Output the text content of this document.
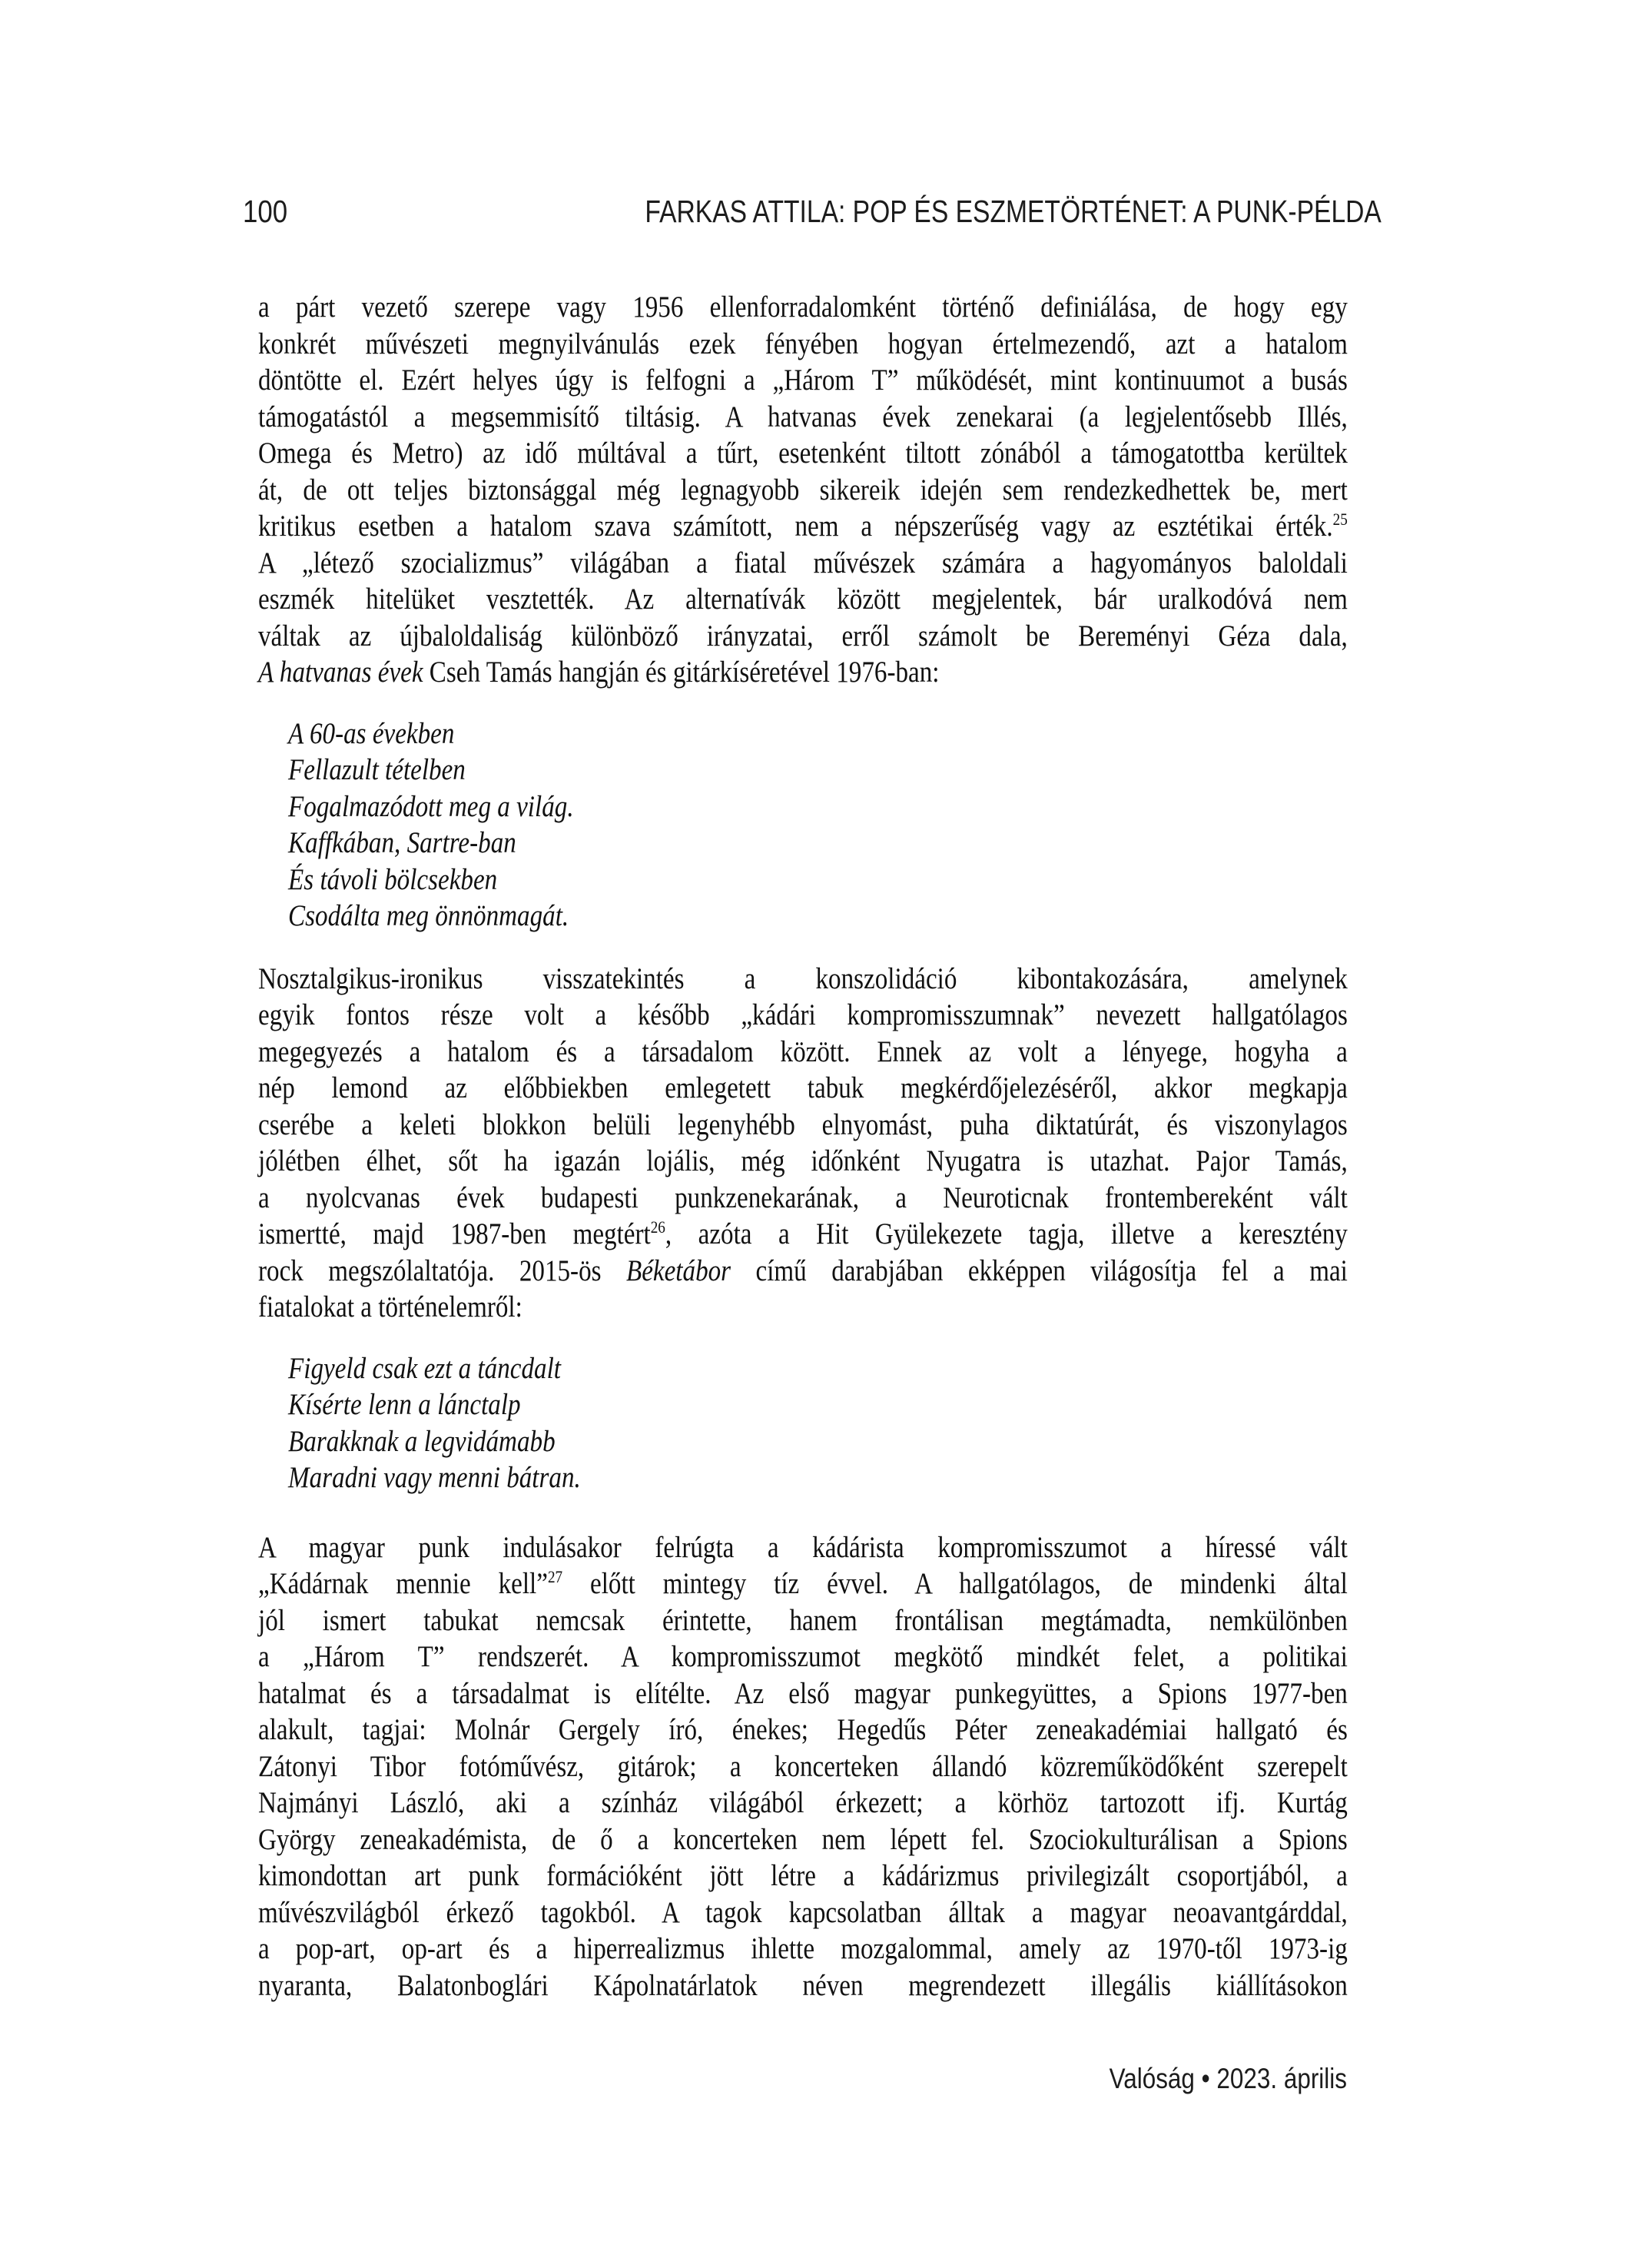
100	FARKAS ATTILA: POP ÉS ESZMETÖRTÉNET: A PUNK-PÉLDA
a párt vezető szerepe vagy 1956 ellenforradalomként történő definiálása, de hogy egy
konkrét művészeti megnyilvánulás ezek fényében hogyan értelmezendő, azt a hatalom
döntötte el. Ezért helyes úgy is felfogni a „Három T” működését, mint kontinuumot a busás
támogatástól a megsemmisítő tiltásig. A hatvanas évek zenekarai (a legjelentősebb Illés,
Omega és Metro) az idő múltával a tűrt, esetenként tiltott zónából a támogatottba kerültek
át, de ott teljes biztonsággal még legnagyobb sikereik idején sem rendezkedhettek be, mert
kritikus esetben a hatalom szava számított, nem a népszerűség vagy az esztétikai érték.$^{25}$
A „létező szocializmus” világában a fiatal művészek számára a hagyományos baloldali
eszmék hitelüket vesztették. Az alternatívák között megjelentek, bár uralkodóvá nem
váltak az újbaloldaliság különböző irányzatai, erről számolt be Bereményi Géza dala,
A hatvanas évek Cseh Tamás hangján és gitárkíséretével 1976-ban:
A 60-as években
Fellazult tételben
Fogalmazódott meg a világ.
Kaffkában, Sartre-ban
És távoli bölcsekben
Csodálta meg önnönmagát.
Nosztalgikus-ironikus visszatekintés a konszolidáció kibontakozására, amelynek
egyik fontos része volt a később „kádári kompromisszumnak” nevezett hallgatólagos
megegyezés a hatalom és a társadalom között. Ennek az volt a lényege, hogyha a
nép lemond az előbbiekben emlegetett tabuk megkérdőjelezéséről, akkor megkapja
cserébe a keleti blokkon belüli legenyhébb elnyomást, puha diktatúrát, és viszonylagos
jólétben élhet, sőt ha igazán lojális, még időnként Nyugatra is utazhat. Pajor Tamás,
a nyolcvanas évek budapesti punkzenekarának, a Neuroticnak frontembereként vált
ismertté, majd 1987-ben megtért$^{26}$, azóta a Hit Gyülekezete tagja, illetve a keresztény
rock megszólaltatója. 2015-ös Béketábor című darabjában ekképpen világosítja fel a mai
fiatalokat a történelemről:
Figyeld csak ezt a táncdalt
Kísérte lenn a lánctalp
Barakknak a legvidámabb
Maradni vagy menni bátran.
A magyar punk indulásakor felrúgta a kádárista kompromisszumot a híressé vált
„Kádárnak mennie kell”$^{27}$ előtt mintegy tíz évvel. A hallgatólagos, de mindenki által
jól ismert tabukat nemcsak érintette, hanem frontálisan megtámadta, nemkülönben
a „Három T” rendszerét. A kompromisszumot megkötő mindkét felet, a politikai
hatalmat és a társadalmat is elítélte. Az első magyar punkegyüttes, a Spions 1977-ben
alakult, tagjai: Molnár Gergely író, énekes; Hegedűs Péter zeneakadémiai hallgató és
Zátonyi Tibor fotóművész, gitárok; a koncerteken állandó közreműködőként szerepelt
Najmányi László, aki a színház világából érkezett; a körhöz tartozott ifj. Kurtág
György zeneakadémista, de ő a koncerteken nem lépett fel. Szociokulturálisan a Spions
kimondottan art punk formációként jött létre a kádárizmus privilegizált csoportjából, a
művészvilágból érkező tagokból. A tagok kapcsolatban álltak a magyar neoavantgárddal,
a pop-art, op-art és a hiperrealizmus ihlette mozgalommal, amely az 1970-től 1973-ig
nyaranta, Balatonboglári Kápolnatárlatok néven megrendezett illegális kiállításokon
Valóság • 2023. április
